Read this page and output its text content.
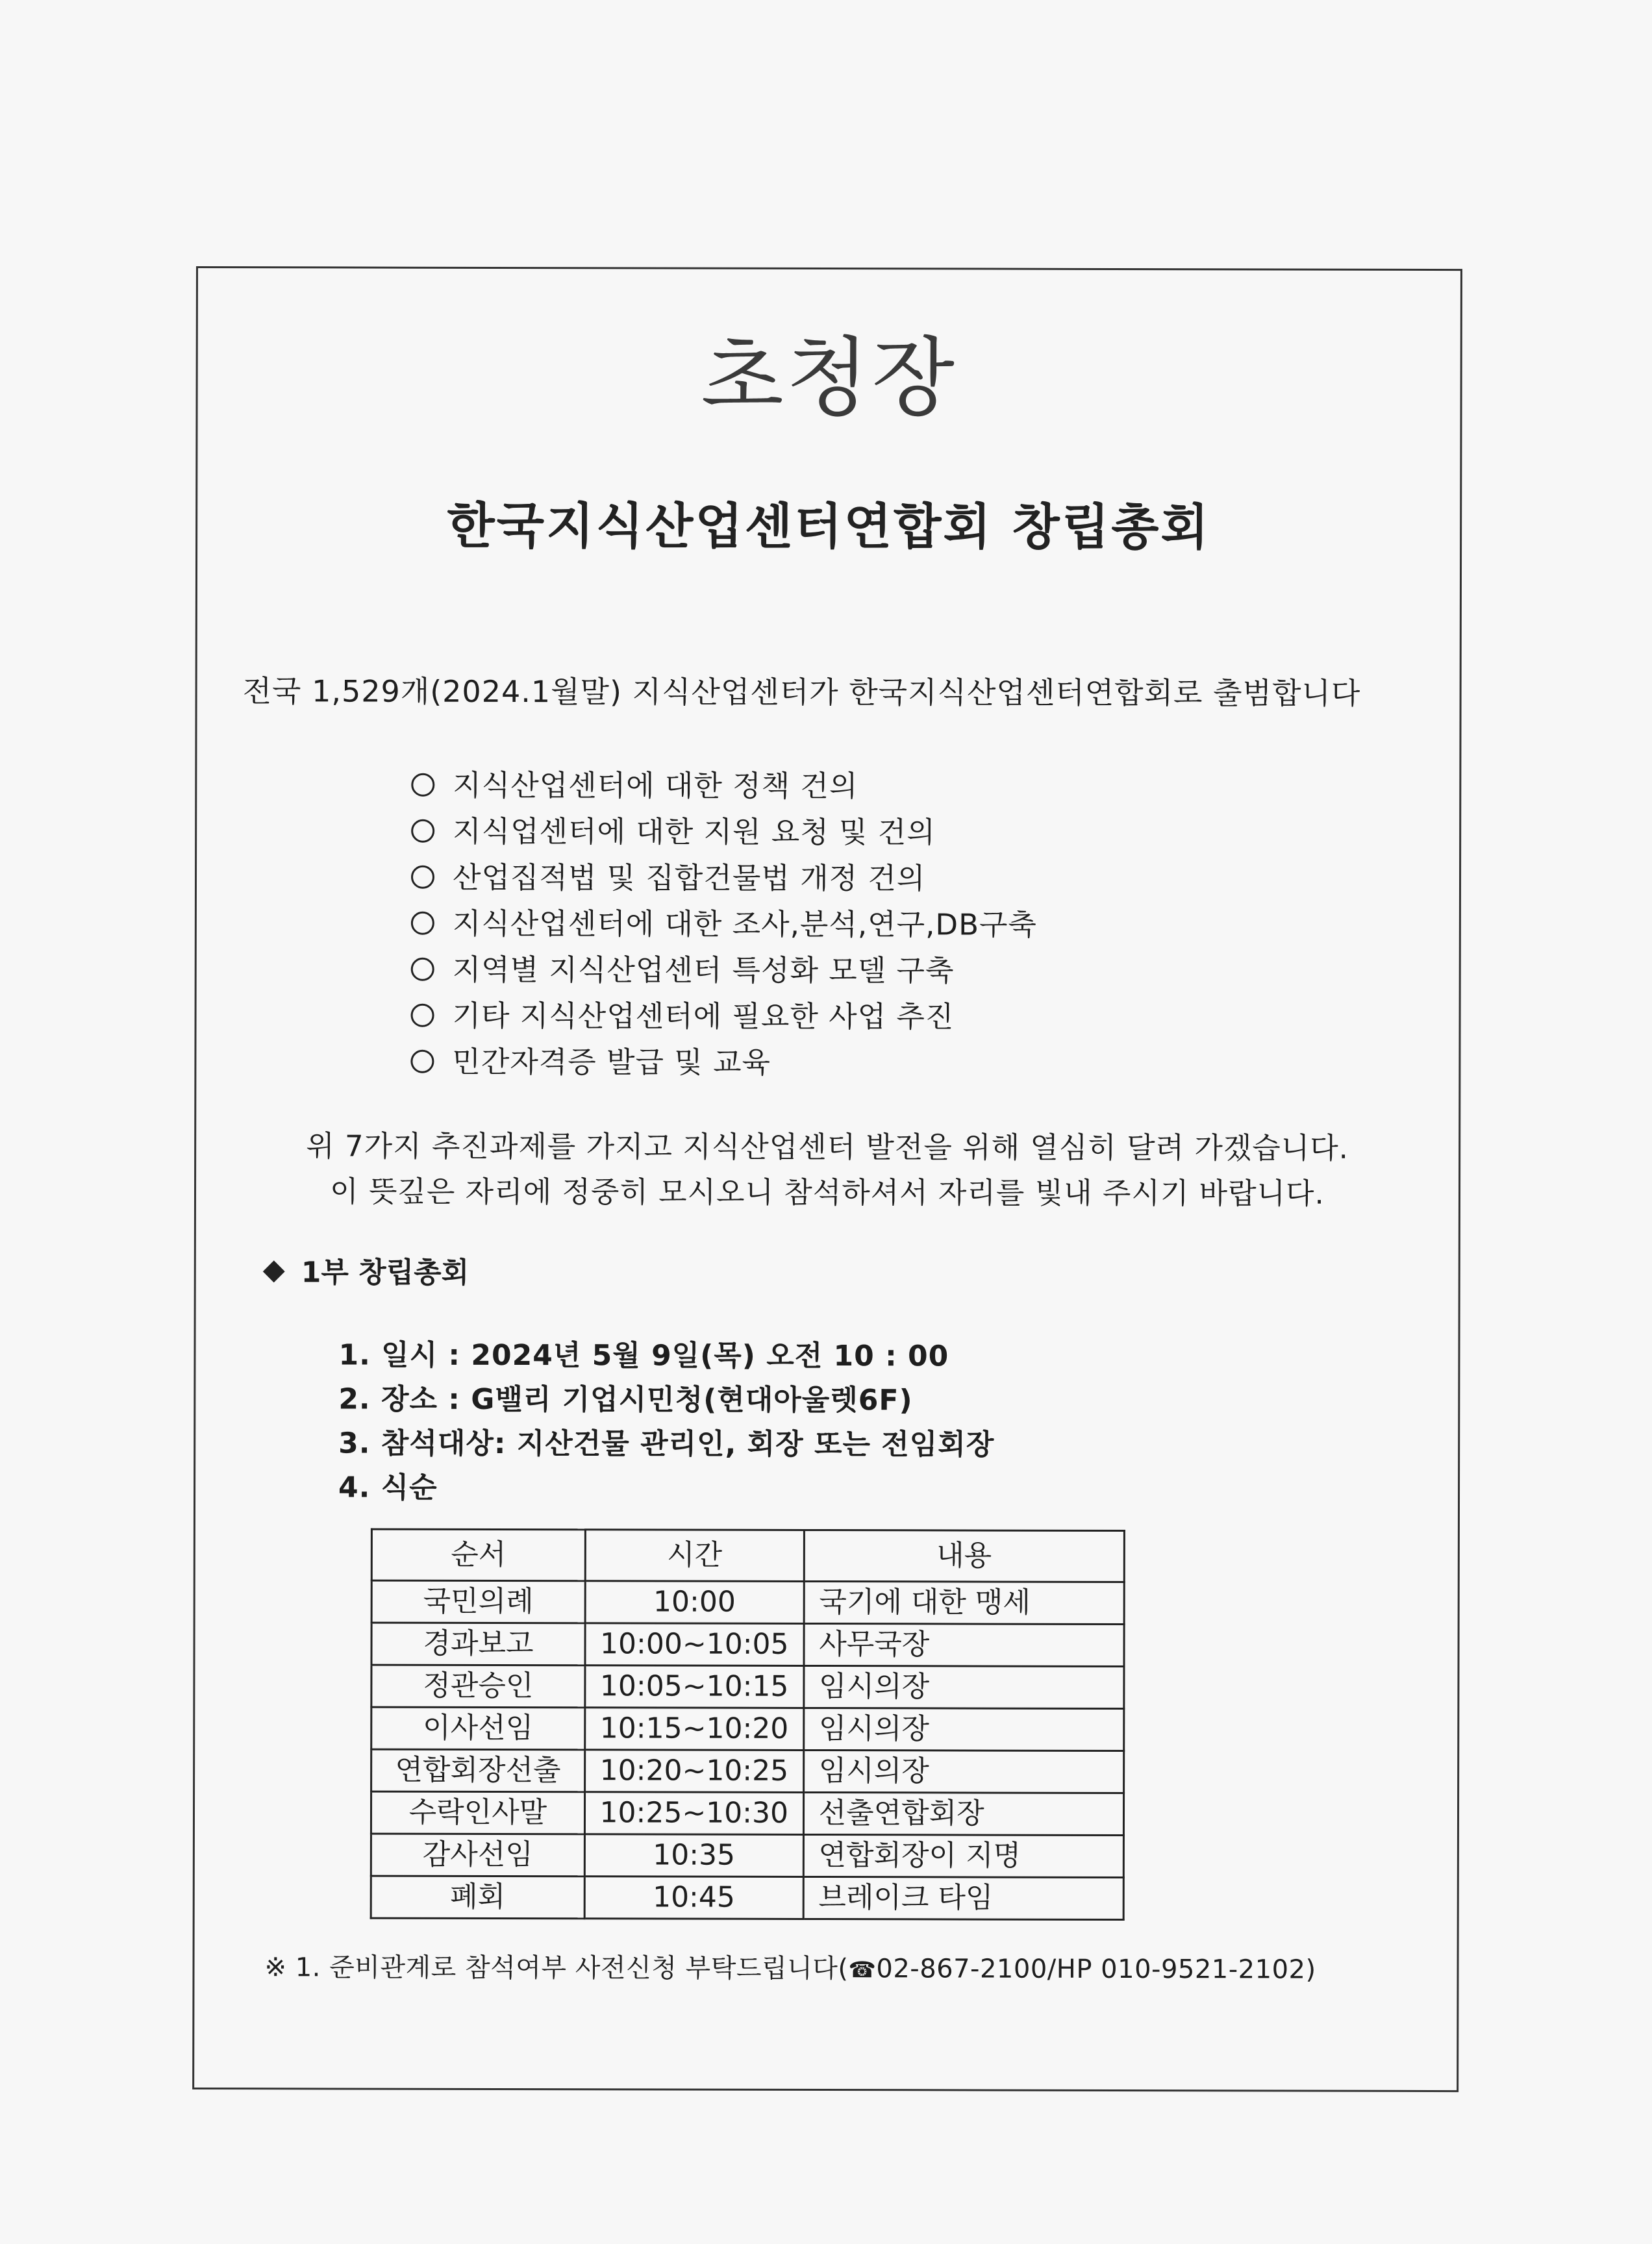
초청장
한국지식산업센터연합회 창립총회
전국 1,529개(2024.1월말) 지식산업센터가 한국지식산업센터연합회로 출범합니다
지식산업센터에 대한 정책 건의
지식업센터에 대한 지원 요청 및 건의
산업집적법 및 집합건물법 개정 건의
지식산업센터에 대한 조사,분석,연구,DB구축
지역별 지식산업센터 특성화 모델 구축
기타 지식산업센터에 필요한 사업 추진
민간자격증 발급 및 교육
위 7가지 추진과제를 가지고 지식산업센터 발전을 위해 열심히 달려 가겠습니다.
이 뜻깊은 자리에 정중히 모시오니 참석하셔서 자리를 빛내 주시기 바랍니다.
1부 창립총회
1. 일시 : 2024년 5월 9일(목) 오전 10 : 00
2. 장소 : G밸리 기업시민청(현대아울렛6F)
3. 참석대상: 지산건물 관리인, 회장 또는 전임회장
4. 식순
순서	시간	내용
국민의례	10:00	국기에 대한 맹세
경과보고	10:00~10:05	사무국장
정관승인	10:05~10:15	임시의장
이사선임	10:15~10:20	임시의장
연합회장선출	10:20~10:25	임시의장
수락인사말	10:25~10:30	선출연합회장
감사선임	10:35	연합회장이 지명
폐회	10:45	브레이크 타임
※ 1. 준비관계로 참석여부 사전신청 부탁드립니다(☎02-867-2100/HP 010-9521-2102)
